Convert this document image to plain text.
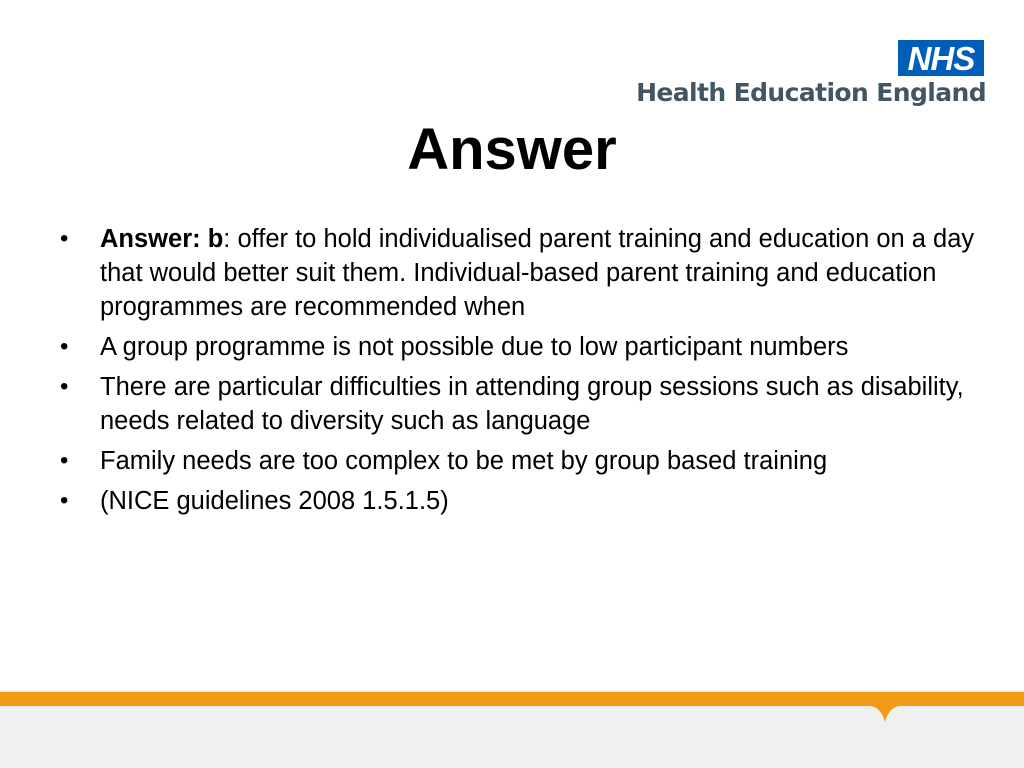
NHS
Health Education England
Answer
•	Answer: b: offer to hold individualised parent training and education on a day that would better suit them. Individual-based parent training and education programmes are recommended when
•	A group programme is not possible due to low participant numbers
•	There are particular difficulties in attending group sessions such as disability, needs related to diversity such as language
•	Family needs are too complex to be met by group based training
•	(NICE guidelines 2008 1.5.1.5)
